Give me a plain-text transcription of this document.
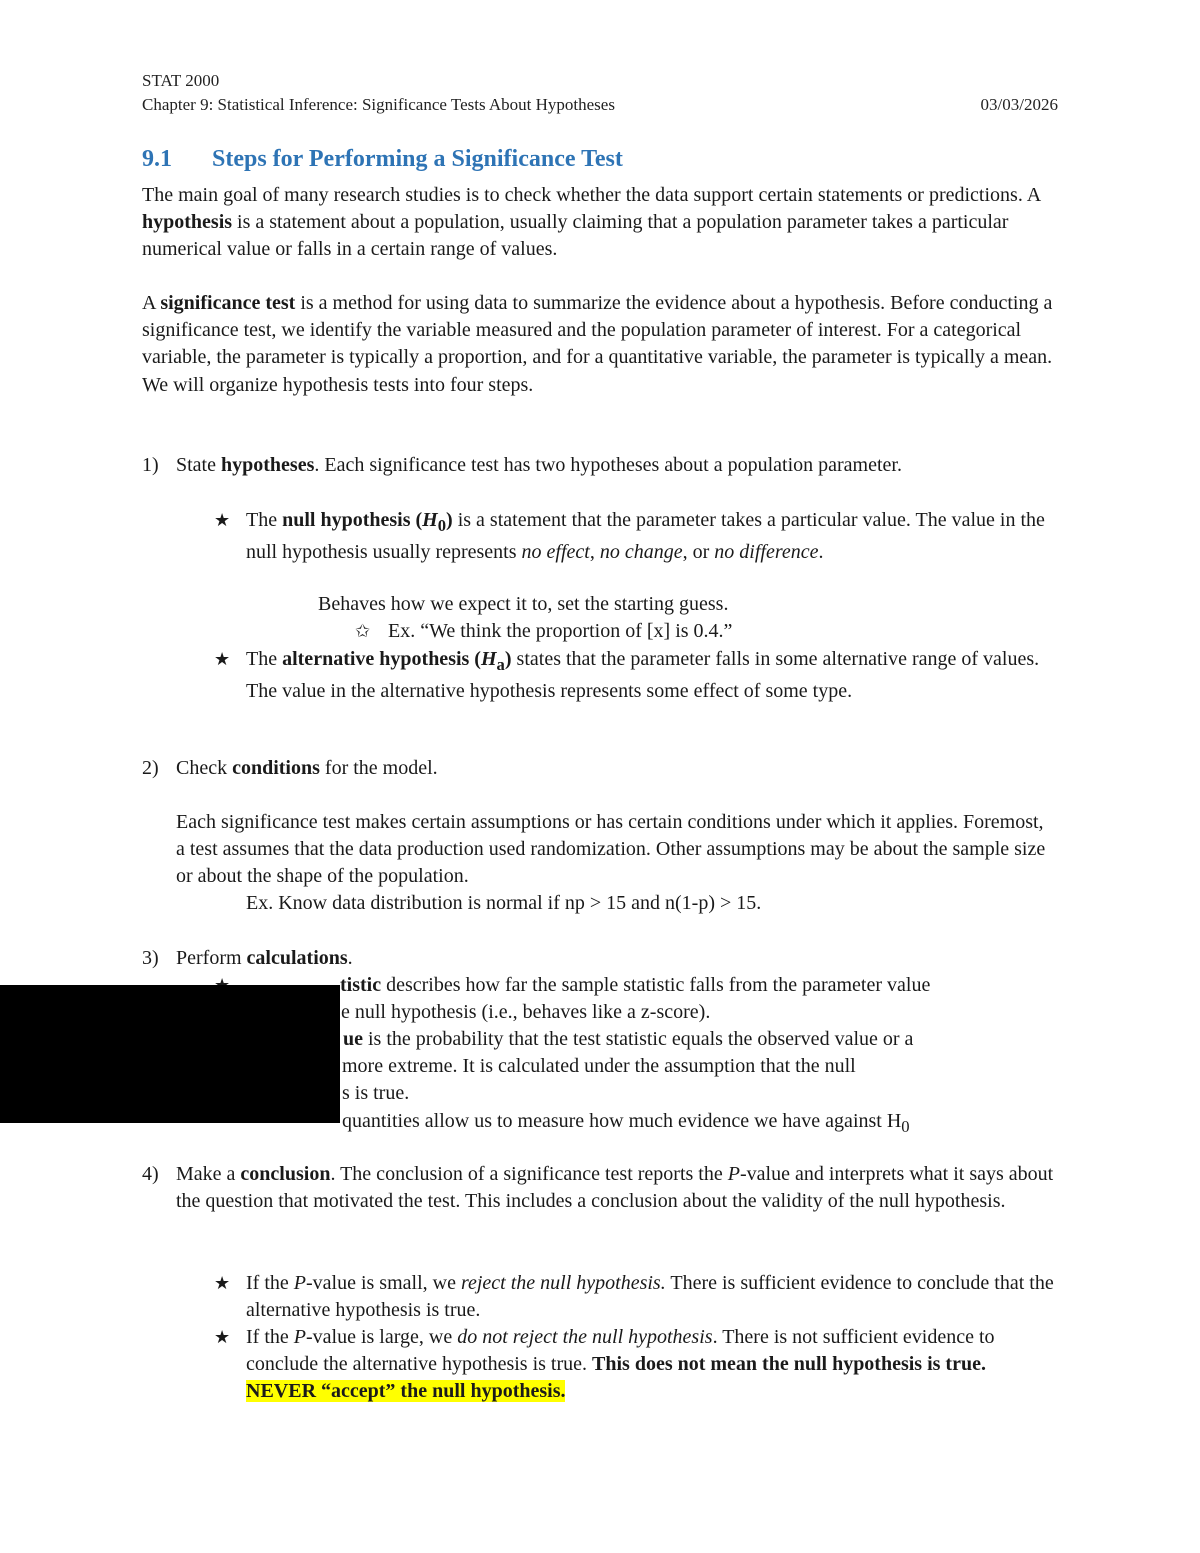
STAT 2000
Chapter 9: Statistical Inference: Significance Tests About Hypotheses	03/03/2026
9.1 Steps for Performing a Significance Test

The main goal of many research studies is to check whether the data support certain statements or predictions. A hypothesis is a statement about a population, usually claiming that a population parameter takes a particular numerical value or falls in a certain range of values.

A significance test is a method for using data to summarize the evidence about a hypothesis. Before conducting a significance test, we identify the variable measured and the population parameter of interest. For a categorical variable, the parameter is typically a proportion, and for a quantitative variable, the parameter is typically a mean. We will organize hypothesis tests into four steps.

1) State hypotheses. Each significance test has two hypotheses about a population parameter.
★ The null hypothesis $(H_0)$ is a statement that the parameter takes a particular value. The value in the null hypothesis usually represents no effect, no change, or no difference.
Behaves how we expect it to, set the starting guess.
✩ Ex. “We think the proportion of [x] is 0.4.”
★ The alternative hypothesis $(H_a)$ states that the parameter falls in some alternative range of values. The value in the alternative hypothesis represents some effect of some type.
2) Check conditions for the model.

Each significance test makes certain assumptions or has certain conditions under which it applies. Foremost, a test assumes that the data production used randomization. Other assumptions may be about the sample size or about the shape of the population.

Ex. Know data distribution is normal if np > 15 and n(1-p) > 15.
3) Perform calculations.
tistic describes how far the sample statistic falls from the parameter value
e null hypothesis (i.e., behaves like a z-score).
ue is the probability that the test statistic equals the observed value or a
more extreme. It is calculated under the assumption that the null
s is true.
quantities allow us to measure how much evidence we have against $H_0$
4) Make a conclusion. The conclusion of a significance test reports the P-value and interprets what it says about the question that motivated the test. This includes a conclusion about the validity of the null hypothesis.
★ If the P-value is small, we reject the null hypothesis. There is sufficient evidence to conclude that the alternative hypothesis is true.
★ If the P-value is large, we do not reject the null hypothesis. There is not sufficient evidence to conclude the alternative hypothesis is true. This does not mean the null hypothesis is true. NEVER “accept” the null hypothesis.
